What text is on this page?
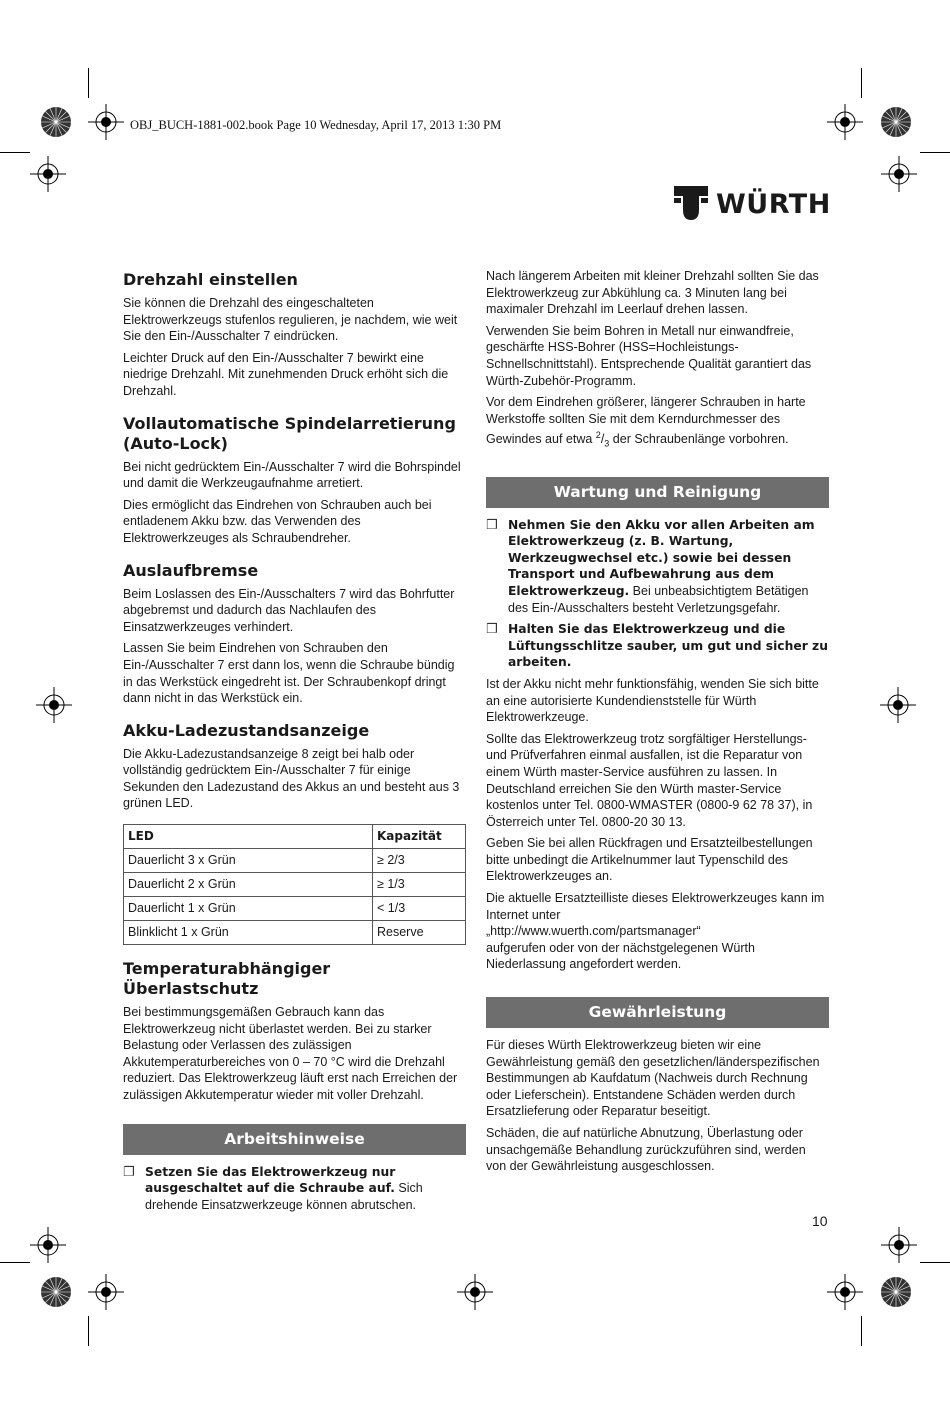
OBJ_BUCH-1881-002.book Page 10 Wednesday, April 17, 2013 1:30 PM
WÜRTH
Drehzahl einstellen

Sie können die Drehzahl des eingeschalteten Elektrowerkzeugs stufenlos regulieren, je nachdem, wie weit Sie den Ein-/Ausschalter 7 eindrücken.

Leichter Druck auf den Ein-/Ausschalter 7 bewirkt eine niedrige Drehzahl. Mit zunehmenden Druck erhöht sich die Drehzahl.

Vollautomatische Spindelarretierung (Auto-Lock)

Bei nicht gedrücktem Ein-/Ausschalter 7 wird die Bohrspindel und damit die Werkzeugaufnahme arretiert.

Dies ermöglicht das Eindrehen von Schrauben auch bei entladenem Akku bzw. das Verwenden des Elektrowerkzeuges als Schraubendreher.

Auslaufbremse

Beim Loslassen des Ein-/Ausschalters 7 wird das Bohrfutter abgebremst und dadurch das Nachlaufen des Einsatzwerkzeuges verhindert.

Lassen Sie beim Eindrehen von Schrauben den Ein-/Ausschalter 7 erst dann los, wenn die Schraube bündig in das Werkstück eingedreht ist. Der Schraubenkopf dringt dann nicht in das Werkstück ein.

Akku-Ladezustandsanzeige

Die Akku-Ladezustandsanzeige 8 zeigt bei halb oder vollständig gedrücktem Ein-/Ausschalter 7 für einige Sekunden den Ladezustand des Akkus an und besteht aus 3 grünen LED.

LED	Kapazität
Dauerlicht 3 x Grün	≥ 2/3
Dauerlicht 2 x Grün	≥ 1/3
Dauerlicht 1 x Grün	< 1/3
Blinklicht 1 x Grün	Reserve
Temperaturabhängiger Überlastschutz

Bei bestimmungsgemäßen Gebrauch kann das Elektrowerkzeug nicht überlastet werden. Bei zu starker Belastung oder Verlassen des zulässigen Akkutemperaturbereiches von 0 – 70 °C wird die Drehzahl reduziert. Das Elektrowerkzeug läuft erst nach Erreichen der zulässigen Akkutemperatur wieder mit voller Drehzahl.

Arbeitshinweise
❒ Setzen Sie das Elektrowerkzeug nur ausgeschaltet auf die Schraube auf. Sich drehende Einsatzwerkzeuge können abrutschen.

Nach längerem Arbeiten mit kleiner Drehzahl sollten Sie das Elektrowerkzeug zur Abkühlung ca. 3 Minuten lang bei maximaler Drehzahl im Leerlauf drehen lassen.

Verwenden Sie beim Bohren in Metall nur einwandfreie, geschärfte HSS-Bohrer (HSS=Hochleistungs-Schnellschnittstahl). Entsprechende Qualität garantiert das Würth-Zubehör-Programm.

Vor dem Eindrehen größerer, längerer Schrauben in harte Werkstoffe sollten Sie mit dem Kerndurchmesser des Gewindes auf etwa $^2/_3$ der Schraubenlänge vorbohren.

Wartung und Reinigung
❒ Nehmen Sie den Akku vor allen Arbeiten am Elektrowerkzeug (z. B. Wartung, Werkzeugwechsel etc.) sowie bei dessen Transport und Aufbewahrung aus dem Elektrowerkzeug. Bei unbeabsichtigtem Betätigen des Ein-/Ausschalters besteht Verletzungsgefahr.
❒ Halten Sie das Elektrowerkzeug und die Lüftungsschlitze sauber, um gut und sicher zu arbeiten.

Ist der Akku nicht mehr funktionsfähig, wenden Sie sich bitte an eine autorisierte Kundendienststelle für Würth Elektrowerkzeuge.

Sollte das Elektrowerkzeug trotz sorgfältiger Herstellungs- und Prüfverfahren einmal ausfallen, ist die Reparatur von einem Würth master-Service ausführen zu lassen. In Deutschland erreichen Sie den Würth master-Service kostenlos unter Tel. 0800-WMASTER (0800-9 62 78 37), in Österreich unter Tel. 0800-20 30 13.

Geben Sie bei allen Rückfragen und Ersatzteilbestellungen bitte unbedingt die Artikelnummer laut Typenschild des Elektrowerkzeuges an.

Die aktuelle Ersatzteilliste dieses Elektrowerkzeuges kann im Internet unter
„http://www.wuerth.com/partsmanager“
aufgerufen oder von der nächstgelegenen Würth Niederlassung angefordert werden.

Gewährleistung

Für dieses Würth Elektrowerkzeug bieten wir eine Gewährleistung gemäß den gesetzlichen/länderspezifischen Bestimmungen ab Kaufdatum (Nachweis durch Rechnung oder Lieferschein). Entstandene Schäden werden durch Ersatzlieferung oder Reparatur beseitigt.

Schäden, die auf natürliche Abnutzung, Überlastung oder unsachgemäße Behandlung zurückzuführen sind, werden von der Gewährleistung ausgeschlossen.

10
